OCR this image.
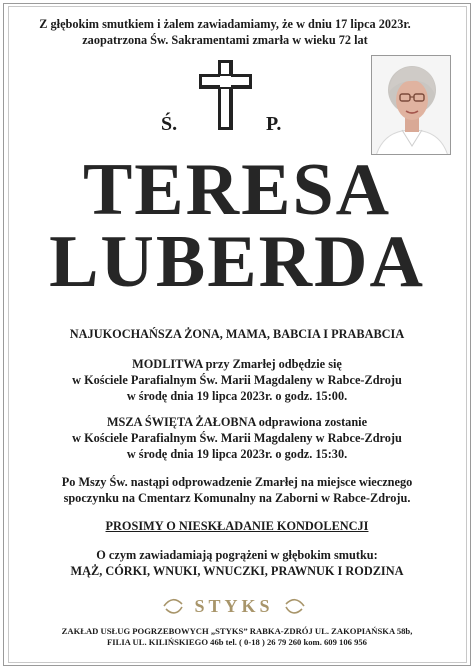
Z głębokim smutkiem i żalem zawiadamiamy, że w dniu 17 lipca 2023r.
zaopatrzona Św. Sakramentami zmarła w wieku 72 lat
Ś.	P.
TERESA
LUBERDA
NAJUKOCHAŃSZA ŻONA, MAMA, BABCIA I PRABABCIA
MODLITWA przy Zmarłej odbędzie się
w Kościele Parafialnym Św. Marii Magdaleny w Rabce-Zdroju
w środę dnia 19 lipca 2023r. o godz. 15:00.
MSZA ŚWIĘTA ŻAŁOBNA odprawiona zostanie
w Kościele Parafialnym Św. Marii Magdaleny w Rabce-Zdroju
w środę dnia 19 lipca 2023r. o godz. 15:30.
Po Mszy Św. nastąpi odprowadzenie Zmarłej na miejsce wiecznego
spoczynku na Cmentarz Komunalny na Zaborni w Rabce-Zdroju.
PROSIMY O NIESKŁADANIE KONDOLENCJI
O czym zawiadamiają pogrążeni w głębokim smutku:
MĄŻ, CÓRKI, WNUKI, WNUCZKI, PRAWNUK I RODZINA
STYKS
ZAKŁAD USŁUG POGRZEBOWYCH „STYKS” RABKA-ZDRÓJ UL. ZAKOPIAŃSKA 58b,
FILIA UL. KILIŃSKIEGO 46b tel. ( 0-18 ) 26 79 260 kom. 609 106 956
